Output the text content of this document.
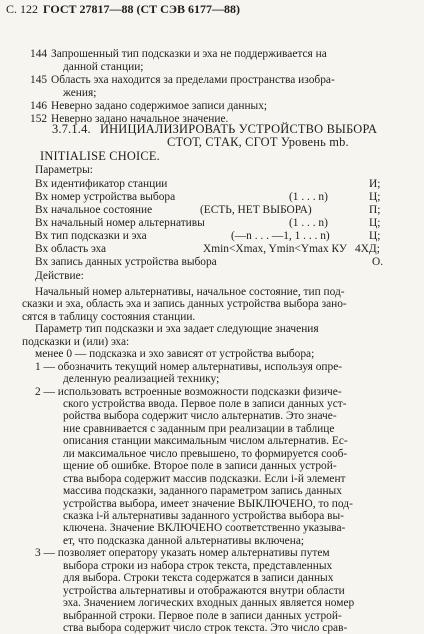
С. 122 ГОСТ 27817—88 (СТ СЭВ 6177—88)
144 Запрошенный тип подсказки и эха не поддерживается на
данной станции;
145 Область эха находится за пределами пространства изобра-
жения;
146 Неверно задано содержимое записи данных;
152 Неверно задано начальное значение.
3.7.1.4. ИНИЦИАЛИЗИРОВАТЬ УСТРОЙСТВО ВЫБОРА
СТОТ, СТАК, СГОТ Уровень mb.
INITIALISE CHOICE.
Параметры:
Вх идентификатор станции	И;
Вх номер устройства выбора	(1 . . . n)	Ц;
Вх начальное состояние	(ЕСТЬ, НЕТ ВЫБОРА)	П;
Вх начальный номер альтернативы	(1 . . . n)	Ц;
Вх тип подсказки и эха	(—n . . . —1, 1 . . . n)	Ц;
Вх область эха	Xmin<Xmax, Ymin<Ymax КУ 4ХД;
Вх запись данных устройства выбора	О.
Действие:
Начальный номер альтернативы, начальное состояние, тип под-
сказки и эха, область эха и запись данных устройства выбора зано-
сятся в таблицу состояния станции.
Параметр тип подсказки и эха задает следующие значения
подсказки и (или) эха:
менее 0 — подсказка и эхо зависят от устройства выбора;
1 — обозначить текущий номер альтернативы, используя опре-
деленную реализацией технику;
2 — использовать встроенные возможности подсказки физиче-
ского устройства ввода. Первое поле в записи данных уст-
ройства выбора содержит число альтернатив. Это значе-
ние сравнивается с заданным при реализации в таблице
описания станции максимальным числом альтернатив. Ес-
ли максимальное число превышено, то формируется сооб-
щение об ошибке. Второе поле в записи данных устрой-
ства выбора содержит массив подсказки. Если i-й элемент
массива подсказки, заданного параметром запись данных
устройства выбора, имеет значение ВЫКЛЮЧЕНО, то под-
сказка i-й альтернативы заданного устройства выбора вы-
ключена. Значение ВКЛЮЧЕНО соответственно указыва-
ет, что подсказка данной альтернативы включена;
3 — позволяет оператору указать номер альтернативы путем
выбора строки из набора строк текста, представленных
для выбора. Строки текста содержатся в записи данных
устройства альтернативы и отображаются внутри области
эха. Значением логических входных данных является номер
выбранной строки. Первое поле в записи данных устрой-
ства выбора содержит число строк текста. Это число срав-
